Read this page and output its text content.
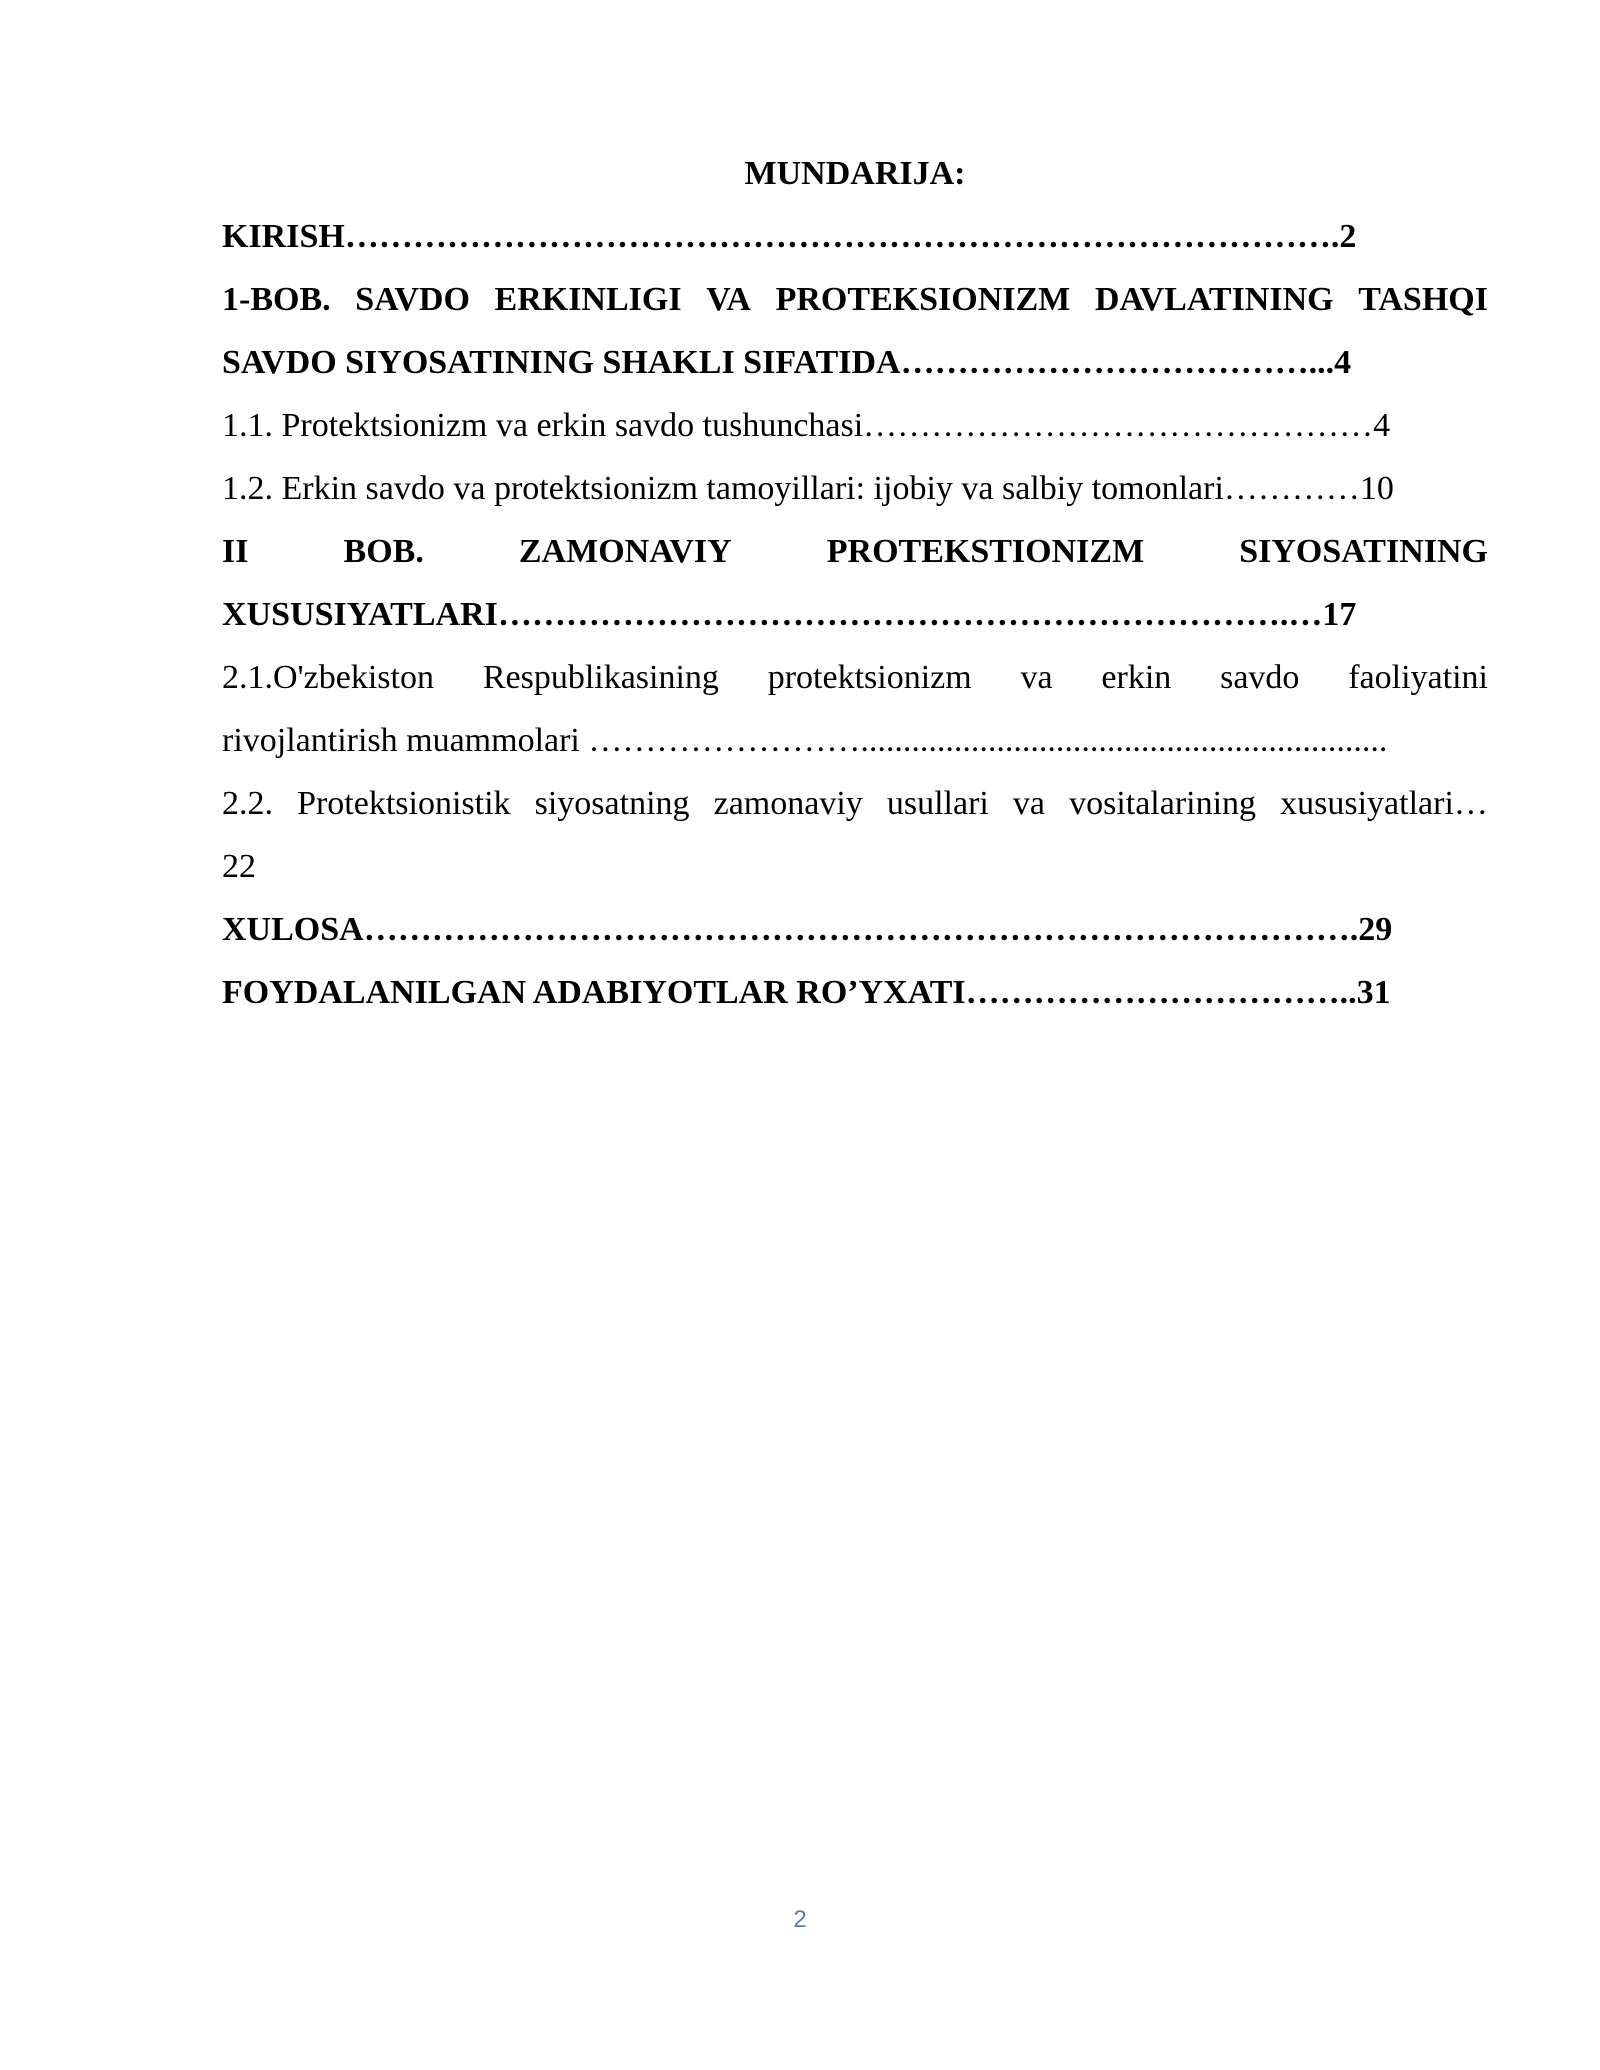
MUNDARIJA:

KIRISH…………………………………………………………………………….2

1-BOB. SAVDO ERKINLIGI VA PROTEKSIONIZM DAVLATINING TASHQI

SAVDO SIYOSATINING SHAKLI SIFATIDA………………………………...4

1.1. Protektsionizm va erkin savdo tushunchasi………………………………………4

1.2. Erkin savdo va protektsionizm tamoyillari: ijobiy va salbiy tomonlari…………10

II	BOB.	ZAMONAVIY	PROTEKSTIONIZM	SIYOSATINING

XUSUSIYATLARI…………………………………………………………….…17

2.1.O'zbekiston Respublikasining protektsionizm va erkin savdo faoliyatini

rivojlantirish muammolari ……………………..............................................................

2.2. Protektsionistik siyosatning zamonaviy usullari va vositalarining xususiyatlari…

22

XULOSA…………………………………………………………………………….29

FOYDALANILGAN ADABIYOTLAR RO’YXATI……………………………..31

2
